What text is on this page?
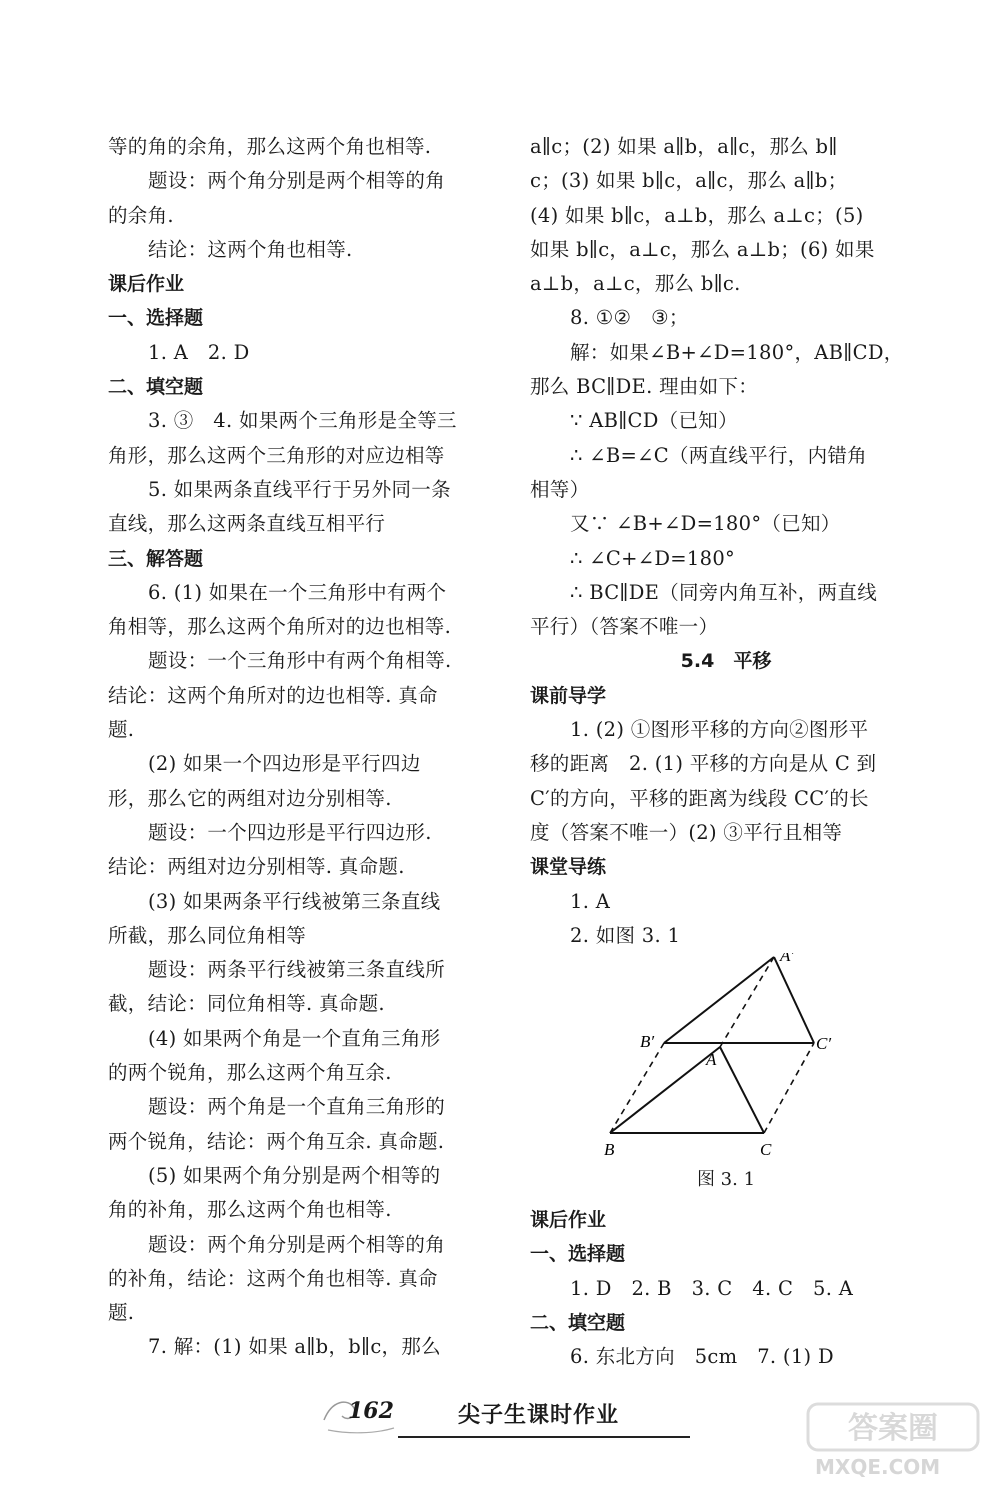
等的角的余角，那么这两个角也相等.
题设：两个角分别是两个相等的角
的余角.
结论：这两个角也相等.
课后作业
一、选择题
1. A　2. D
二、填空题
3. ③　4. 如果两个三角形是全等三
角形，那么这两个三角形的对应边相等
5. 如果两条直线平行于另外同一条
直线，那么这两条直线互相平行
三、解答题
6. (1) 如果在一个三角形中有两个
角相等，那么这两个角所对的边也相等.
题设：一个三角形中有两个角相等.
结论：这两个角所对的边也相等. 真命
题.
(2) 如果一个四边形是平行四边
形，那么它的两组对边分别相等.
题设：一个四边形是平行四边形.
结论：两组对边分别相等. 真命题.
(3) 如果两条平行线被第三条直线
所截，那么同位角相等
题设：两条平行线被第三条直线所
截，结论：同位角相等. 真命题.
(4) 如果两个角是一个直角三角形
的两个锐角，那么这两个角互余.
题设：两个角是一个直角三角形的
两个锐角，结论：两个角互余. 真命题.
(5) 如果两个角分别是两个相等的
角的补角，那么这两个角也相等.
题设：两个角分别是两个相等的角
的补角，结论：这两个角也相等. 真命
题.
7. 解：(1) 如果 a∥b，b∥c，那么
a∥c；(2) 如果 a∥b，a∥c，那么 b∥
c；(3) 如果 b∥c，a∥c，那么 a∥b；
(4) 如果 b∥c，a⊥b，那么 a⊥c；(5)
如果 b∥c，a⊥c，那么 a⊥b；(6) 如果
a⊥b，a⊥c，那么 b∥c.
8. ①②　③；
解：如果∠B+∠D=180°，AB∥CD，
那么 BC∥DE. 理由如下：
∵ AB∥CD（已知）
∴ ∠B=∠C（两直线平行，内错角
相等）
又∵ ∠B+∠D=180°（已知）
∴ ∠C+∠D=180°
∴ BC∥DE（同旁内角互补，两直线
平行）（答案不唯一）
5.4　平移
课前导学
1. (2) ①图形平移的方向②图形平
移的距离　2. (1) 平移的方向是从 C 到
C′的方向，平移的距离为线段 CC′的长
度（答案不唯一）(2) ③平行且相等
课堂导练
1. A
2. 如图 3. 1
A′
B′	C′
A
B	C
图 3. 1
课后作业
一、选择题
1. D　2. B　3. C　4. C　5. A
二、填空题
6. 东北方向　5cm　7. (1) D
162	尖子生课时作业	答案圈
MXQE.COM
